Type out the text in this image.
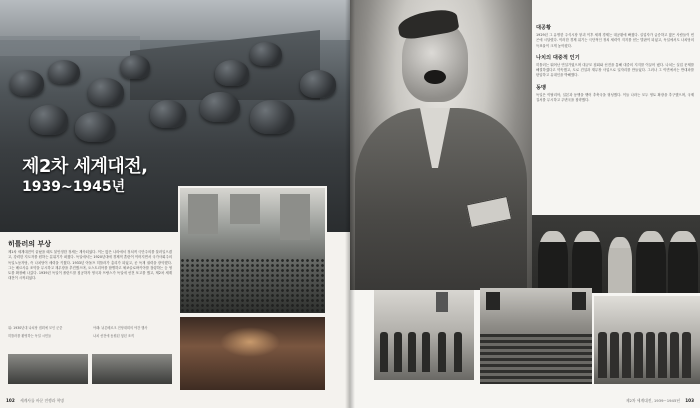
제2차 세계대전,
1939~1945년
히틀러의 부상
제1차 세계대전이 끝났을 때도 불안정한 정세는 계속되었다. 이는 많은 나라에서 정치적 극단주의를 불러일으켰고, 강력한 지도자를 원하는 분위기가 퍼졌다. 독일에서는 1920년대에 경제적 혼란이 이어지면서 국가사회주의독일노동자당, 즉 나치당이 세력을 키웠다. 1933년 아돌프 히틀러가 총리가 되었고, 곧 독재 권력을 장악했다. 그는 베르사유 조약을 무시하고 재무장을 추진했으며, 오스트리아를 합병하고 체코슬로바키아를 점령하는 등 영토를 확장해 나갔다. 1939년 독일이 폴란드를 침공하자 영국과 프랑스가 독일에 선전 포고를 했고, 제2차 세계대전이 시작되었다.
위: 1930년대 나치당 집회에 모인 군중	아래: 뉘른베르크 전당대회의 야간 행사
히틀러를 환영하는 독일 시민들	나치 선전에 동원된 청년 조직
102 세계사를 바꾼 전쟁과 혁명
대공황

1929년 그 유명한 주식시장 붕괴 이후 세계 경제는 대공황에 빠졌다. 실업자가 급증하고 많은 사람들이 빈곤에 시달렸다. 이러한 경제 위기는 극단적인 정치 세력이 지지를 얻는 발판이 되었고, 독일에서도 나치당의 득표율이 크게 높아졌다.

나치의 대중적 인기

히틀러는 뛰어난 연설가였으며 대규모 집회와 선전을 통해 대중의 지지를 이끌어 냈다. 나치는 실업 문제를 해결하겠다고 약속했고, 도로 건설과 재무장 사업으로 일자리를 만들었다. 그러나 그 이면에서는 반대파를 탄압하고 유대인을 박해했다.

동맹

독일은 이탈리아, 일본과 동맹을 맺어 추축국을 형성했다. 이들 나라는 모두 영토 확장을 추구했으며, 국제 질서를 무시하고 주변국을 침략했다.

제2차 세계대전, 1939~1945년 103
